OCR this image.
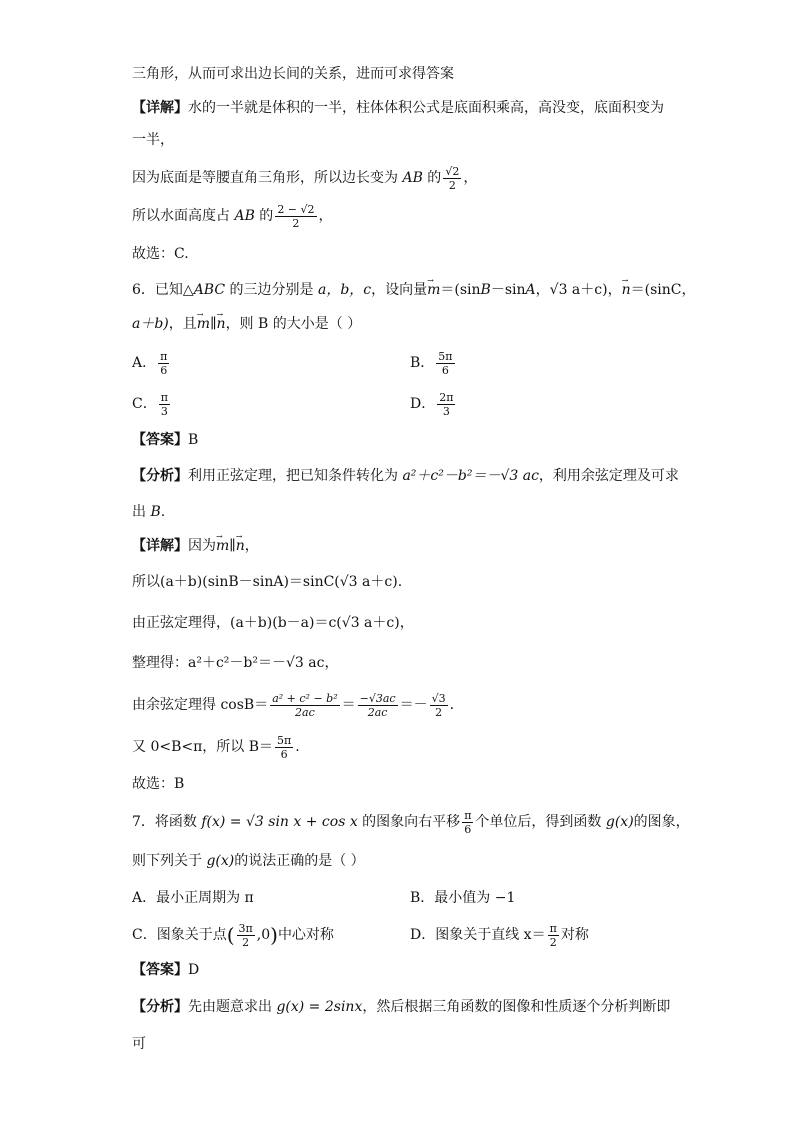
三角形，从而可求出边长间的关系，进而可求得答案
【详解】水的一半就是体积的一半，柱体体积公式是底面积乘高，高没变，底面积变为
一半，
因为底面是等腰直角三角形，所以边长变为 AB 的 $\frac{√2}{2}$ ，
所以水面高度占 AB 的 $\frac{2 - √2}{2}$ ，
故选：C.
6．已知△ABC 的三边分别是 a，b，c，设向量→ m＝(sinB－sinA，√3 a＋c)，→ n＝(sinC，
a＋b)，且→ m∥→ n，则 B 的大小是（ ）
A． $\frac{\pi}{6}$	B． $\frac{5\pi}{6}$
C． $\frac{\pi}{3}$	D． $\frac{2\pi}{3}$
【答案】B
【分析】利用正弦定理，把已知条件转化为 a²＋c²－b²＝－√3 ac，利用余弦定理及可求
出 B.
【详解】因为→ m∥→ n，
所以(a＋b)(sinB－sinA)＝sinC(√3 a＋c).
由正弦定理得，(a＋b)(b－a)＝c(√3 a＋c)，
整理得：a²＋c²－b²＝－√3 ac，
由余弦定理得 $\cos B= \frac{\text{a² + c² − b²}}{2ac} = \frac{-√3ac}{2ac} =- \frac{√3}{2}$ .
又 0<B<π，所以 $B= \frac{5\pi}{6}$ .
故选：B
7．将函数 f(x) = √3 sin x + cos x 的图象向右平移 $\frac{\pi}{6}$ 个单位后，得到函数 g(x)的图象，
则下列关于 g(x)的说法正确的是（ ）
A．最小正周期为 π	B．最小值为 −1
C．图象关于点( $\frac{3\pi}{2} ,0$)中心对称	D．图象关于直线 $x= \frac{\pi}{2}$ 对称
【答案】D
【分析】先由题意求出 g(x) = 2sinx，然后根据三角函数的图像和性质逐个分析判断即
可
